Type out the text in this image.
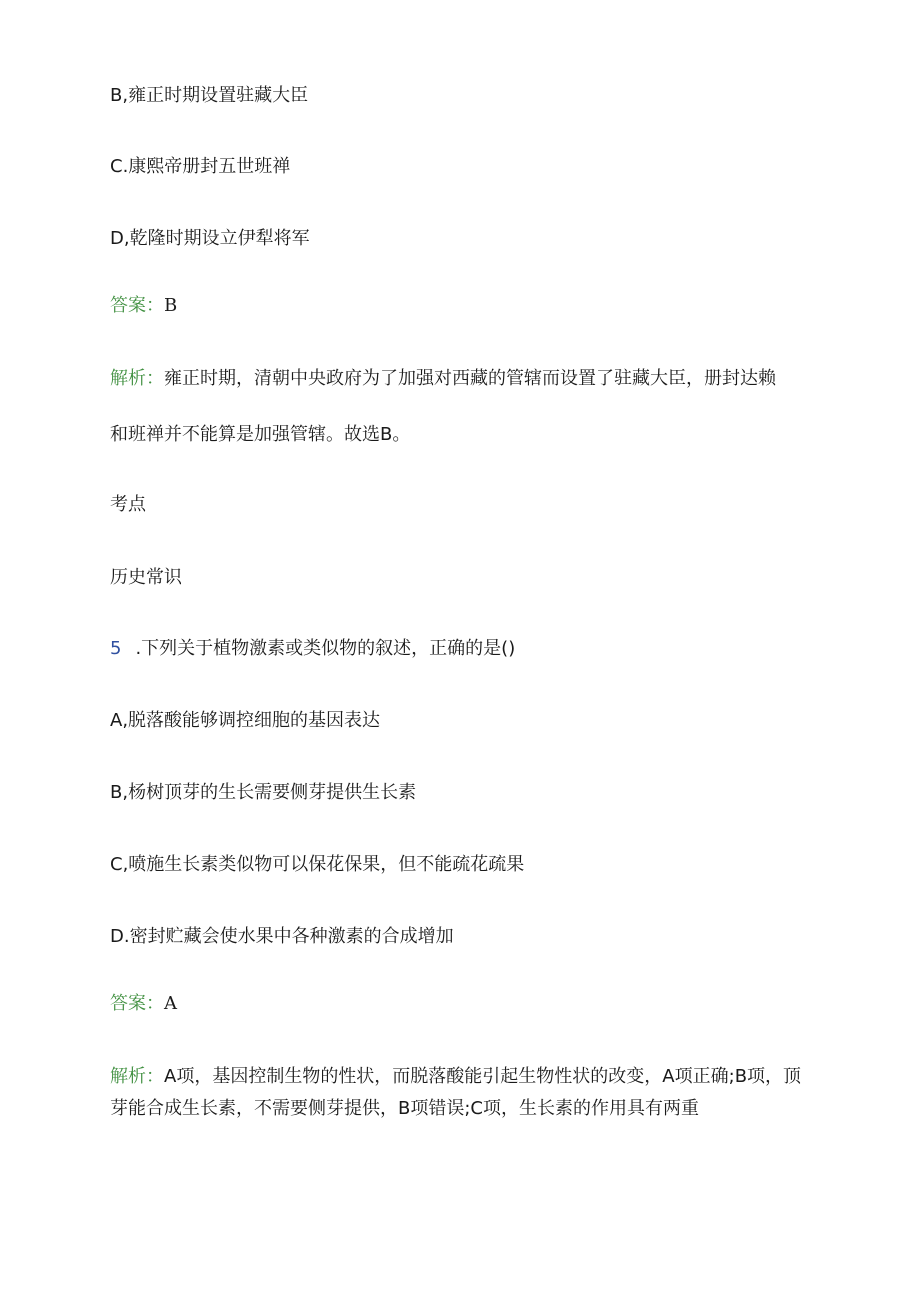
B,雍正时期设置驻藏大臣
C.康熙帝册封五世班禅
D,乾隆时期设立伊犁将军
答案：B
解析：雍正时期，清朝中央政府为了加强对西藏的管辖而设置了驻藏大臣，册封达赖
和班禅并不能算是加强管辖。故选B。
考点
历史常识
5 .下列关于植物激素或类似物的叙述，正确的是()
A,脱落酸能够调控细胞的基因表达
B,杨树顶芽的生长需要侧芽提供生长素
C,喷施生长素类似物可以保花保果，但不能疏花疏果
D.密封贮藏会使水果中各种激素的合成增加
答案：A
解析：A项，基因控制生物的性状，而脱落酸能引起生物性状的改变，A项正确;B项，顶
芽能合成生长素，不需要侧芽提供，B项错误;C项，生长素的作用具有两重
